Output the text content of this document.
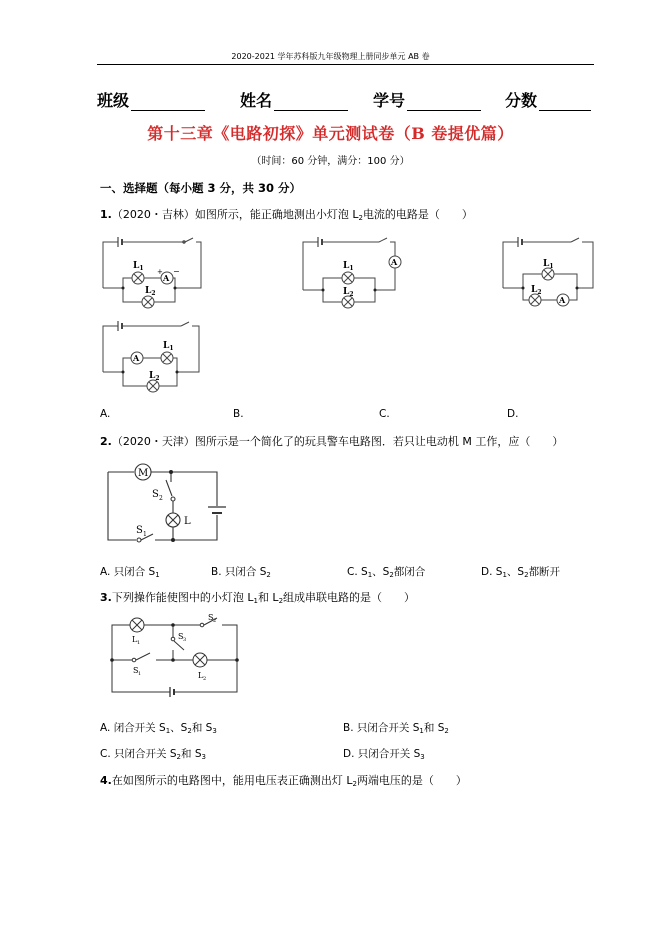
2020-2021 学年苏科版九年级物理上册同步单元 AB 卷
班级	姓名	学号	分数
第十三章《电路初探》单元测试卷（B 卷提优篇）
（时间：60 分钟，满分：100 分）
一、选择题（每小题 3 分，共 30 分）
1.（2020・吉林）如图所示，能正确地测出小灯泡 $L_2$电流的电路是（　　）
$L_1$
A
+ −
$L_2$
$L_1$
A
$L_2$
$L_1$
A
$L_2$
A
$L_1$
$L_2$
A.	B.	C.	D.
2.（2020・天津）图所示是一个简化了的玩具警车电路图．若只让电动机 M 工作，应（　　）
M
S 2
L
S 1
A. 只闭合 $S_1$	B. 只闭合 $S_2$	C. $S_1$、$S_2$都闭合	D. $S_1$、$S_2$都断开
3.下列操作能使图中的小灯泡 $L_1$和 $L_2$组成串联电路的是（　　）
L 1
S 2
S 3
S 1	L 2
A. 闭合开关 $S_1$、$S_2$和 $S_3$	B. 只闭合开关 $S_1$和 $S_2$
C. 只闭合开关 $S_2$和 $S_3$	D. 只闭合开关 $S_3$
4.在如图所示的电路图中，能用电压表正确测出灯 $L_2$两端电压的是（　　）
